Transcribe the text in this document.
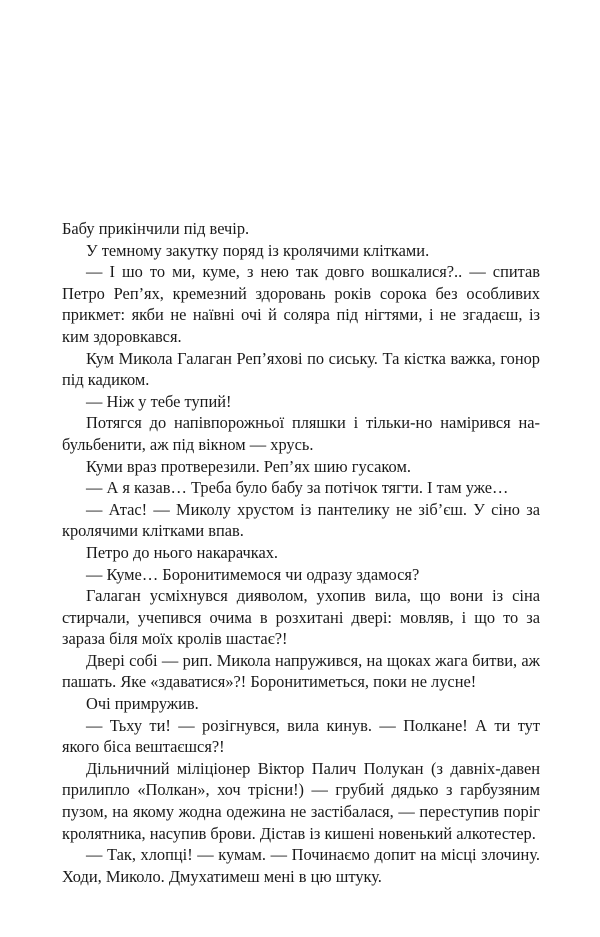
Бабу прикінчили під вечір.

У темному закутку поряд із кролячими клітками.

— І шо то ми, куме, з нею так довго вошкалися?.. — спитав Петро Реп’ях, кремезний здоровань років сорока без особливих прикмет: якби не наївні очі й соляра під нігтями, і не згадаєш, із ким здоровкався.

Кум Микола Галаган Реп’яхові по сиську. Та кістка важка, гонор під кадиком.

— Ніж у тебе тупий!

Потягся до напівпорожньої пляшки і тільки-но намірився набульбенити, аж під вікном — хрусь.

Куми враз протверезили. Реп’ях шию гусаком.

— А я казав… Треба було бабу за потічок тягти. І там уже…

— Атас! — Миколу хрустом із пантелику не зіб’єш. У сіно за кролячими клітками впав.

Петро до нього накарачках.

— Куме… Боронитимемося чи одразу здамося?

Галаган усміхнувся дияволом, ухопив вила, що вони із сіна стирчали, учепився очима в розхитані двері: мовляв, і що то за зараза біля моїх кролів шастає?!

Двері собі — рип. Микола напружився, на щоках жага битви, аж пашать. Яке «здаватися»?! Боронитиметься, поки не лусне!

Очі примружив.

— Тьху ти! — розігнувся, вила кинув. — Полкане! А ти тут якого біса вештаєшся?!

Дільничний міліціонер Віктор Палич Полукан (з давніх-давен прилипло «Полкан», хоч трісни!) — грубий дядько з гарбузяним пузом, на якому жодна одежина не застібалася, — переступив поріг кролятника, насупив брови. Дістав із кишені новенький алкотестер.

— Так, хлопці! — кумам. — Починаємо допит на місці злочину. Ходи, Миколо. Дмухатимеш мені в цю штуку.
